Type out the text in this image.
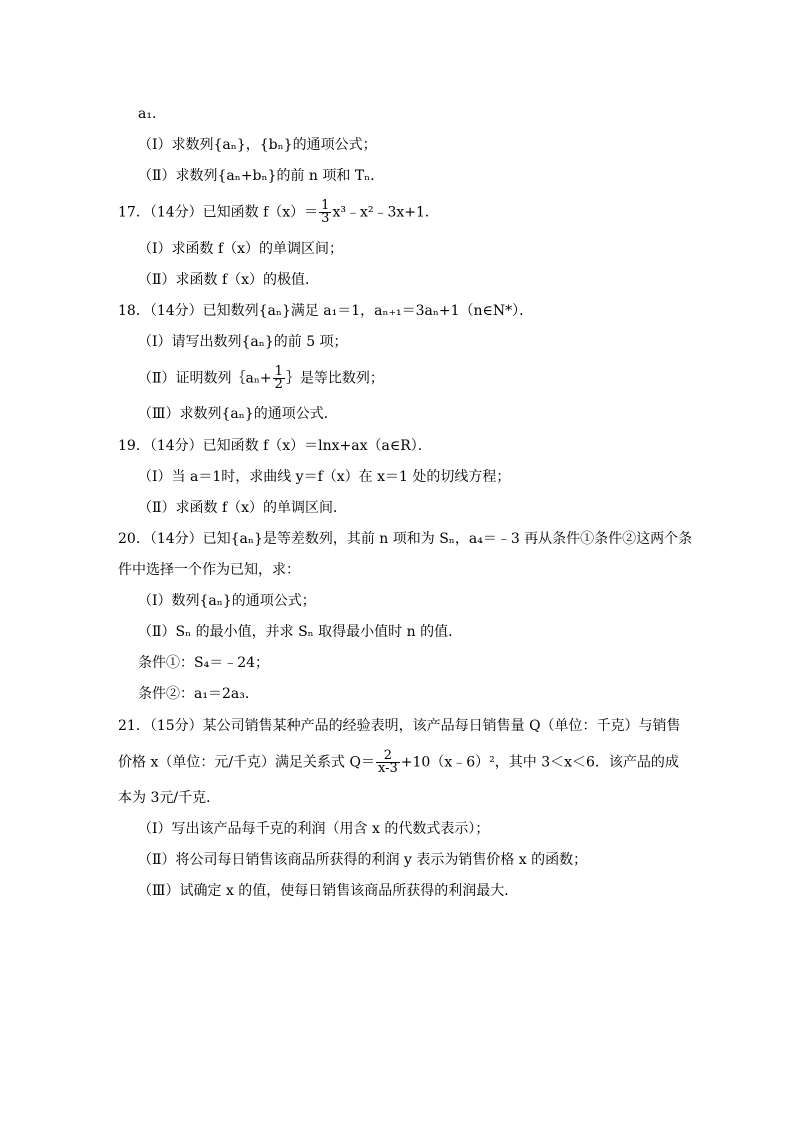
a₁．
（Ⅰ）求数列{aₙ}，{bₙ}的通项公式；
（Ⅱ）求数列{aₙ+bₙ}的前 n 项和 Tₙ．
17．（14分）已知函数 $f(x)= \frac{1}{3}$ x³﹣x²﹣3x+1．
（Ⅰ）求函数 f（x）的单调区间；
（Ⅱ）求函数 f（x）的极值．
18．（14分）已知数列{aₙ}满足 a₁＝1，aₙ₊₁＝3aₙ+1（n∈N*）．
（Ⅰ）请写出数列{aₙ}的前 5 项；
（Ⅱ）证明数列｛aₙ+ $\frac{1}{2}$ ｝是等比数列；
（Ⅲ）求数列{aₙ}的通项公式．
19．（14分）已知函数 f（x）＝lnx+ax（a∈R）．
（Ⅰ）当 a＝1时，求曲线 y＝f（x）在 x＝1 处的切线方程；
（Ⅱ）求函数 f（x）的单调区间．
20．（14分）已知{aₙ}是等差数列，其前 n 项和为 Sₙ，a₄＝﹣3 再从条件①条件②这两个条
件中选择一个作为已知，求：
（Ⅰ）数列{aₙ}的通项公式；
（Ⅱ）Sₙ 的最小值，并求 Sₙ 取得最小值时 n 的值．
条件①：S₄＝﹣24；
条件②：a₁＝2a₃．
21．（15分）某公司销售某种产品的经验表明，该产品每日销售量 Q（单位：千克）与销售
价格 x（单位：元/千克）满足关系式 $Q= \frac{2}{x-3}$ +10（x﹣6）²，其中 3＜x＜6．该产品的成
本为 3元/千克．
（Ⅰ）写出该产品每千克的利润（用含 x 的代数式表示）；
（Ⅱ）将公司每日销售该商品所获得的利润 y 表示为销售价格 x 的函数；
（Ⅲ）试确定 x 的值，使每日销售该商品所获得的利润最大．
